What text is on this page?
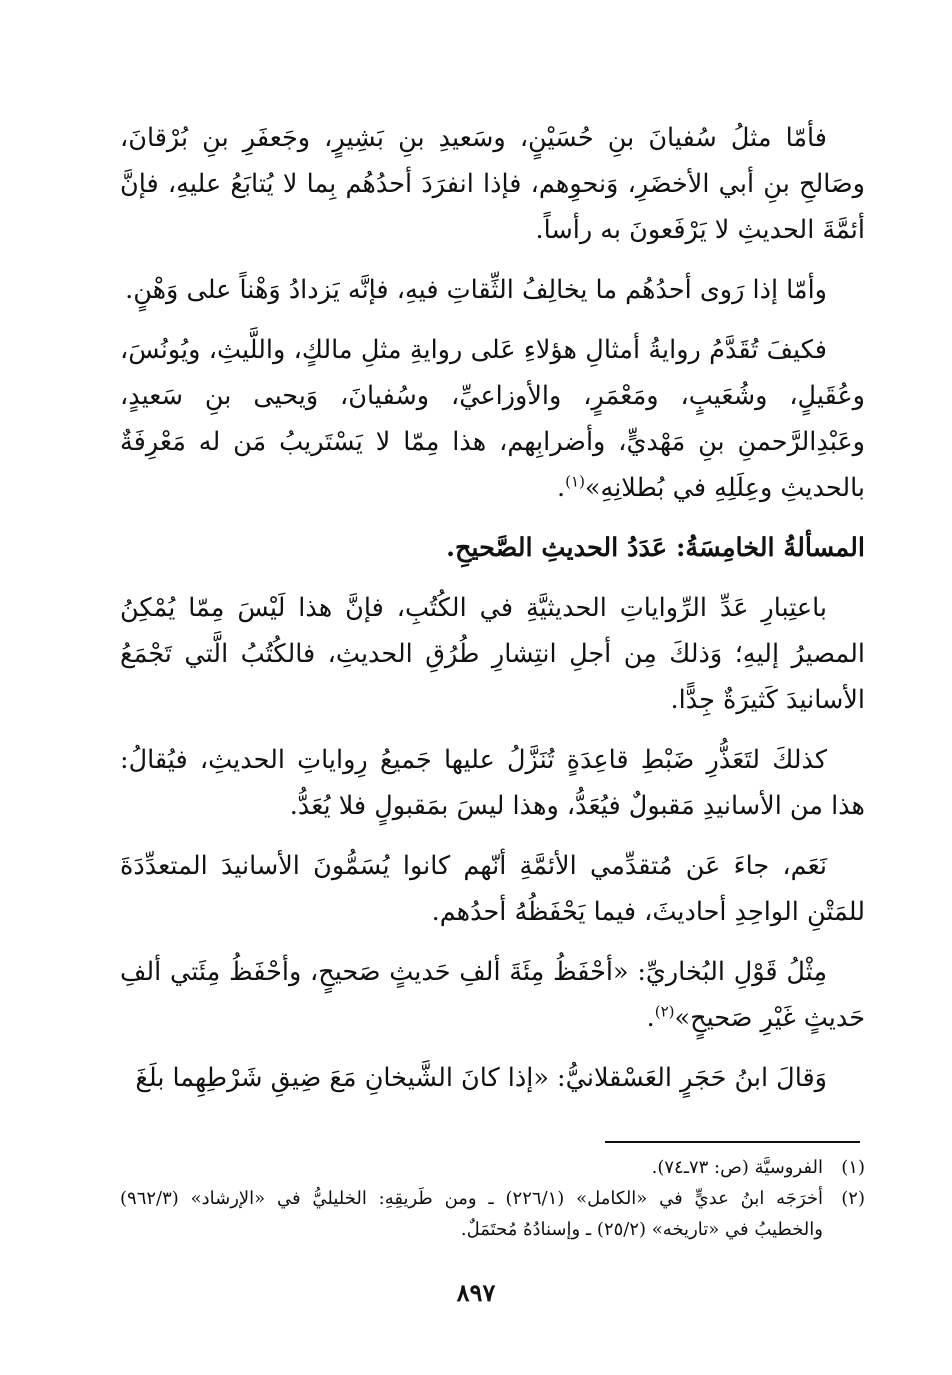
فأمّا مثلُ سُفيانَ بنِ حُسَيْنٍ، وسَعيدِ بنِ بَشِيرٍ، وجَعفَرِ بنِ بُرْقانَ، وصَالحِ بنِ أبي الأخضَرِ، وَنحوِهم، فإذا انفرَدَ أحدُهُم بِما لا يُتابَعُ عليهِ، فإنَّ أئمَّةَ الحديثِ لا يَرْفَعونَ به رأساً.

وأمّا إذا رَوى أحدُهُم ما يخالِفُ الثِّقاتِ فيهِ، فإنَّه يَزدادُ وَهْناً على وَهْنٍ.

فكيفَ تُقَدَّمُ روايةُ أمثالِ هؤلاءِ عَلى روايةِ مثلِ مالكٍ، واللَّيثِ، ويُونُسَ، وعُقَيلٍ، وشُعَيبٍ، ومَعْمَرٍ، والأوزاعيِّ، وسُفيانَ، وَيحيى بنِ سَعيدٍ، وعَبْدِالرَّحمنِ بنِ مَهْديٍّ، وأضرابِهم، هذا مِمّا لا يَسْتَريبُ مَن له مَعْرِفَةٌ بالحديثِ وعِلَلِهِ في بُطلانِهِ»$^{(١)}$.

المسألةُ الخامِسَةُ: عَدَدُ الحديثِ الصَّحيحِ.

باعتِبارِ عَدِّ الرِّواياتِ الحديثيَّةِ في الكُتُبِ، فإنَّ هذا لَيْسَ مِمّا يُمْكِنُ المصيرُ إليهِ؛ وَذلكَ مِن أجلِ انتِشارِ طُرُقِ الحديثِ، فالكُتُبُ الَّتي تَجْمَعُ الأسانيدَ كَثيرَةٌ جِدًّا.

كذلكَ لتَعَذُّرِ ضَبْطِ قاعِدَةٍ تُنَزَّلُ عليها جَميعُ رِواياتِ الحديثِ، فيُقالُ: هذا من الأسانيدِ مَقبولٌ فيُعَدُّ، وهذا ليسَ بمَقبولٍ فلا يُعَدُّ.

نَعَم، جاءَ عَن مُتقدِّمي الأئمَّةِ أنّهم كانوا يُسَمُّونَ الأسانيدَ المتعدِّدَةَ للمَتْنِ الواحِدِ أحاديثَ، فيما يَحْفَظُهُ أحدُهم.

مِثْلُ قَوْلِ البُخاريِّ: «أحْفَظُ مِئَةَ ألفِ حَديثٍ صَحيحٍ، وأحْفَظُ مِئَتي ألفِ حَديثٍ غَيْرِ صَحيحٍ»$^{(٢)}$.

وَقالَ ابنُ حَجَرٍ العَسْقلانيُّ: «إذا كانَ الشَّيخانِ مَعَ ضِيقِ شَرْطِهِما بلَغَ

(١)
الفروسيَّة (ص: ٧٣ـ٧٤).
(٢)
أخرَجَه ابنُ عديٍّ في «الكامل» (٢٢٦/١) ـ ومن طَريقِهِ: الخليليُّ في «الإرشاد» (٩٦٢/٣) والخطيبُ في «تاريخه» (٢٥/٢) ـ وإسنادُهُ مُحتَمَلٌ.
٨٩٧
